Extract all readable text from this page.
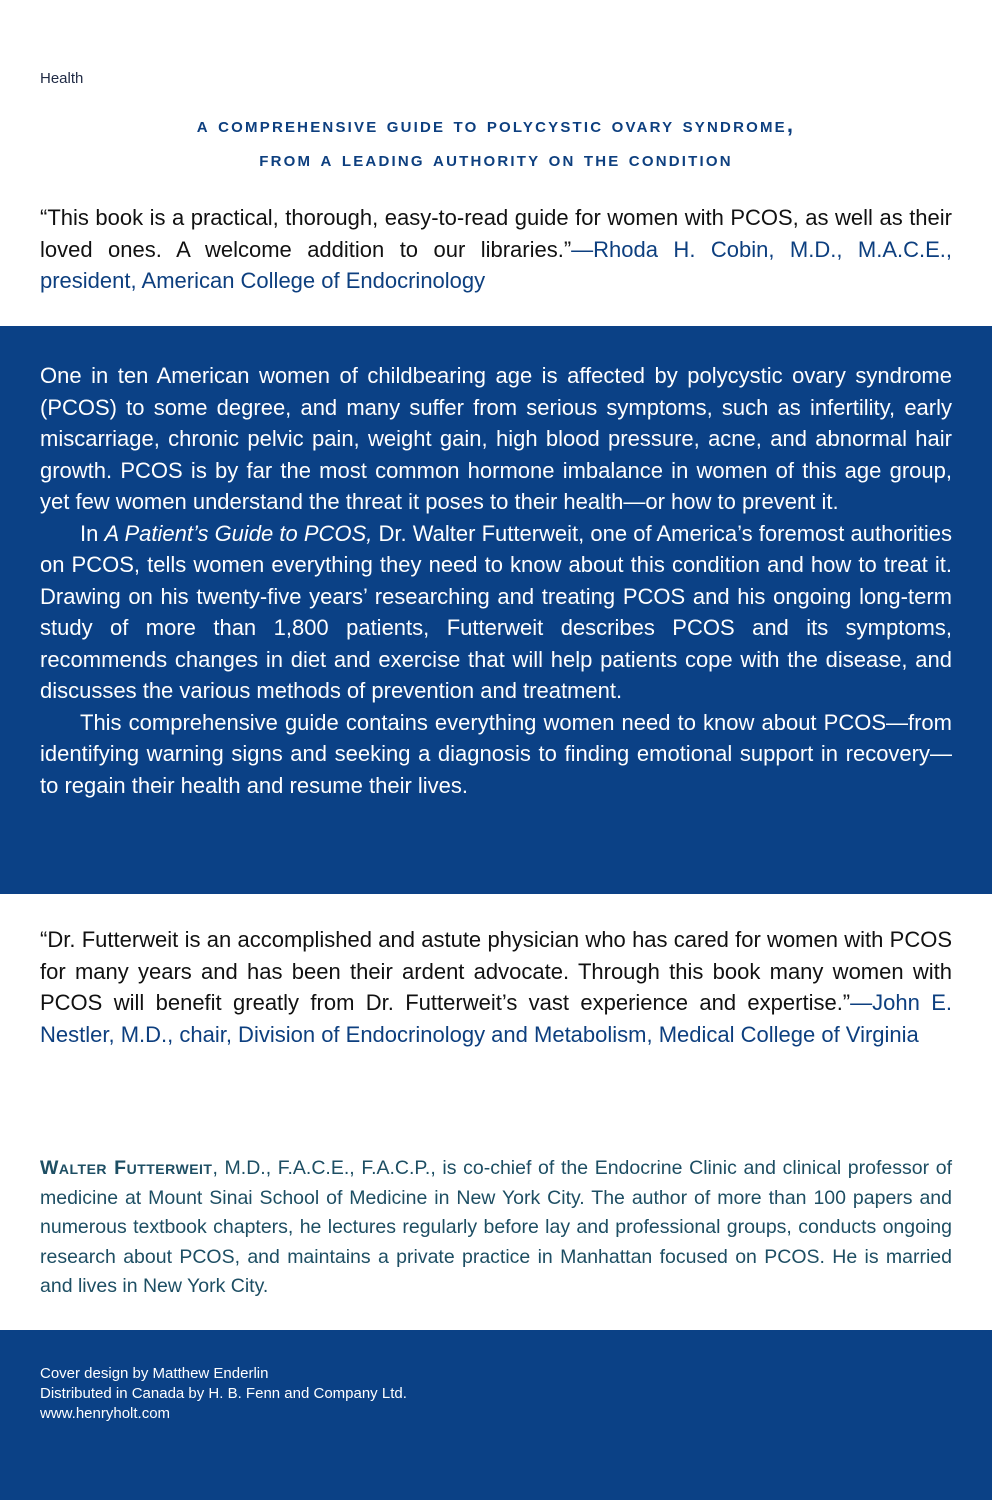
Health
a comprehensive guide to polycystic ovary syndrome,
from a leading authority on the condition
“This book is a practical, thorough, easy-to-read guide for women with PCOS, as well as their loved ones. A welcome addition to our libraries.”—Rhoda H. Cobin, M.D., M.A.C.E., president, American College of Endocrinology

One in ten American women of childbearing age is affected by polycystic ovary syndrome (PCOS) to some degree, and many suffer from serious symptoms, such as infertility, early miscarriage, chronic pelvic pain, weight gain, high blood pressure, acne, and abnormal hair growth. PCOS is by far the most common hormone imbalance in women of this age group, yet few women understand the threat it poses to their health—or how to prevent it.

In A Patient’s Guide to PCOS, Dr. Walter Futterweit, one of America’s foremost authorities on PCOS, tells women everything they need to know about this condition and how to treat it. Drawing on his twenty-five years’ researching and treating PCOS and his ongoing long-term study of more than 1,800 patients, Futterweit describes PCOS and its symptoms, recommends changes in diet and exercise that will help patients cope with the disease, and discusses the various methods of prevention and treatment.

This comprehensive guide contains everything women need to know about PCOS—from identifying warning signs and seeking a diagnosis to finding emotional support in recovery—to regain their health and resume their lives.

“Dr. Futterweit is an accomplished and astute physician who has cared for women with PCOS for many years and has been their ardent advocate. Through this book many women with PCOS will benefit greatly from Dr. Futterweit’s vast experience and expertise.”—John E. Nestler, M.D., chair, Division of Endocrinology and Metabolism, Medical College of Virginia
Walter Futterweit, M.D., F.A.C.E., F.A.C.P., is co-chief of the Endocrine Clinic and clinical professor of medicine at Mount Sinai School of Medicine in New York City. The author of more than 100 papers and numerous textbook chapters, he lectures regularly before lay and professional groups, conducts ongoing research about PCOS, and maintains a private practice in Manhattan focused on PCOS. He is married and lives in New York City.
Cover design by Matthew Enderlin
Distributed in Canada by H. B. Fenn and Company Ltd.
www.henryholt.com
